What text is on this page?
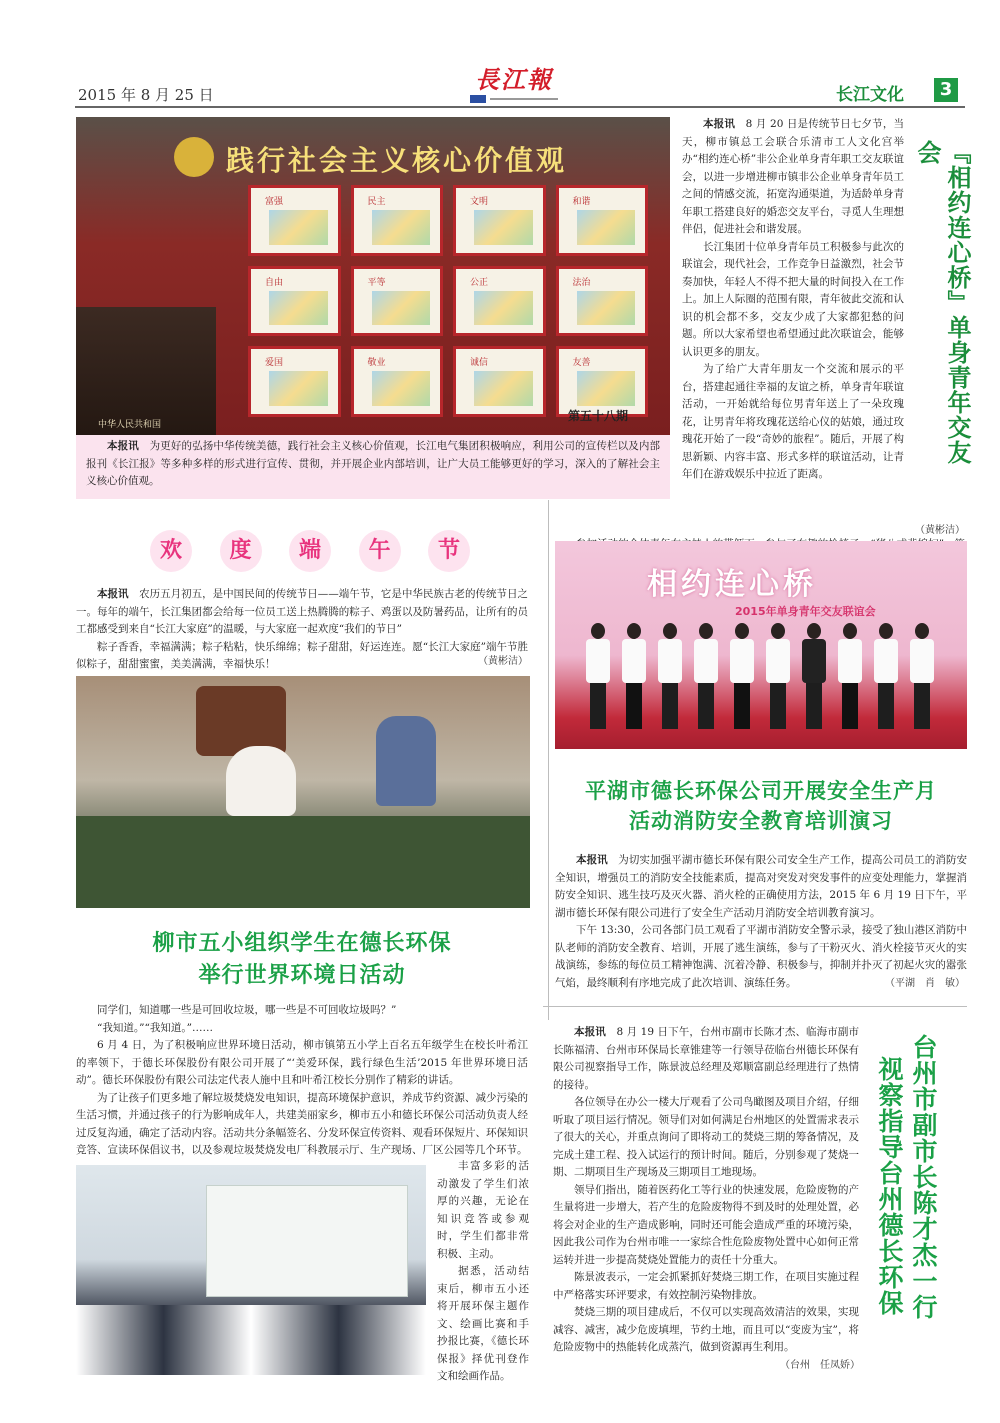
2015 年 8 月 25 日
長江報
长江文化	3
践行社会主义核心价值观
富强	民主	文明	和谐
自由	平等	公正	法治
爱国	敬业	诚信	友善
中华人民共和国
第五十八期

本报讯　 为更好的弘扬中华传统美德，践行社会主义核心价值观，长江电气集团积极响应，利用公司的宣传栏以及内部报刊《长江报》等多种多样的形式进行宣传、贯彻，并开展企业内部培训，让广大员工能够更好的学习，深入的了解社会主义核心价值观。

本报讯　 8 月 20 日是传统节日七夕节，当天，柳市镇总工会联合乐清市工人文化宫举办“相约连心桥”非公企业单身青年职工交友联谊会，以进一步增进柳市镇非公企业单身青年员工之间的情感交流，拓宽沟通渠道，为适龄单身青年职工搭建良好的婚恋交友平台，寻觅人生理想伴侣，促进社会和谐发展。

长江集团十位单身青年员工积极参与此次的联谊会，现代社会，工作竞争日益激烈，社会节奏加快，年轻人不得不把大量的时间投入在工作上。加上人际圈的范围有限，青年彼此交流和认识的机会都不多，交友少成了大家都犯愁的问题。所以大家希望也希望通过此次联谊会，能够认识更多的朋友。

为了给广大青年朋友一个交流和展示的平台，搭建起通往幸福的友谊之桥，单身青年联谊活动，一开始就给每位男青年送上了一朵玫瑰花，让男青年将玫瑰花送给心仪的姑娘，通过玫瑰花开始了一段“奇妙的旅程”。随后，开展了构思新颖、内容丰富、形式多样的联谊活动，让青年们在游戏娱乐中拉近了距离。

『相约连心桥』单身青年交友会

（黄彬洁）
欢	度	端	午	节

本报讯　 农历五月初五，是中国民间的传统节日——端午节，它是中华民族古老的传统节日之一。每年的端午，长江集团都会给每一位员工送上热腾腾的粽子、鸡蛋以及防暑药品，让所有的员工都感受到来自“长江大家庭”的温暖，与大家庭一起欢度“我们的节日”

粽子香香，幸福满满；粽子粘粘，快乐绵绵；粽子甜甜，好运连连。愿“长江大家庭”端午节胜似粽子，甜甜蜜蜜，美美满满，幸福快乐！	（黄彬洁）
柳市五小组织学生在德长环保
举行世界环境日活动

同学们，知道哪一些是可回收垃圾，哪一些是不可回收垃圾吗？”

“我知道。”“我知道。”……

6 月 4 日，为了积极响应世界环境日活动，柳市镇第五小学上百名五年级学生在校长叶希江的率领下，于德长环保股份有限公司开展了“‘美爱环保，践行绿色生活’2015 年世界环境日活动”。德长环保股份有限公司法定代表人施中且和叶希江校长分别作了精彩的讲话。

为了让孩子们更多地了解垃圾焚烧发电知识，提高环境保护意识，养成节约资源、减少污染的生活习惯，并通过孩子的行为影响成年人，共建美丽家乡，柳市五小和德长环保公司活动负责人经过反复沟通，确定了活动内容。活动共分条幅签名、分发环保宣传资料、观看环保短片、环保知识竞答、宣读环保倡议书，以及参观垃圾焚烧发电厂科教展示厅、生产现场、厂区公园等几个环节。

丰富多彩的活动激发了学生们浓厚的兴趣，无论在知识竞答或参观时，学生们都非常积极、主动。

据悉，活动结束后，柳市五小还将开展环保主题作文、绘画比赛和手抄报比赛，《德长环保报》择优刊登作文和绘画作品。

相约连心桥
2015年单身青年交友联谊会
平湖市德长环保公司开展安全生产月
活动消防安全教育培训演习

本报讯　 为切实加强平湖市德长环保有限公司安全生产工作，提高公司员工的消防安全知识，增强员工的消防安全技能素质，提高对突发对突发事件的应变处理能力，掌握消防安全知识、逃生技巧及灭火器、消火栓的正确使用方法，2015 年 6 月 19 日下午，平湖市德长环保有限公司进行了安全生产活动月消防安全培训教育演习。

下午 13:30，公司各部门员工观看了平湖市消防安全警示录，接受了独山港区消防中队老师的消防安全教育、培训，开展了逃生演练，参与了干粉灭火、消火栓接节灭火的实战演练，参练的每位员工精神饱满、沉着冷静、积极参与，抑制并扑灭了初起火灾的嚣张气焰，最终顺利有序地完成了此次培训、演练任务。	（平湖　肖　敏）

本报讯　 8 月 19 日下午，台州市副市长陈才杰、临海市副市长陈福清、台州市环保局长章锥建等一行领导莅临台州德长环保有限公司视察指导工作，陈景波总经理及郑顺富副总经理进行了热情的接待。

各位领导在办公一楼大厅观看了公司鸟瞰图及项目介绍，仔细听取了项目运行情况。领导们对如何满足台州地区的处置需求表示了很大的关心，并重点询问了即将动工的焚烧三期的筹备情况，及完成土建工程、投入试运行的预计时间。随后，分别参观了焚烧一期、二期项目生产现场及三期项目工地现场。

领导们指出，随着医药化工等行业的快速发展，危险废物的产生量将进一步增大，若产生的危险废物得不到及时的处理处置，必将会对企业的生产造成影响，同时还可能会造成严重的环境污染，因此我公司作为台州市唯一一家综合性危险废物处置中心如何正常运转并进一步提高焚烧处置能力的责任十分重大。

陈景波表示，一定会抓紧抓好焚烧三期工作，在项目实施过程中严格落实环评要求，有效控制污染物排放。

焚烧三期的项目建成后，不仅可以实现高效清洁的效果，实现减容、减害，减少危废填埋，节约土地，而且可以“变废为宝”，将危险废物中的热能转化成蒸汽，做到资源再生利用。

（台州　任凤娇）
台州市副市长陈才杰一行
视察指导台州德长环保
